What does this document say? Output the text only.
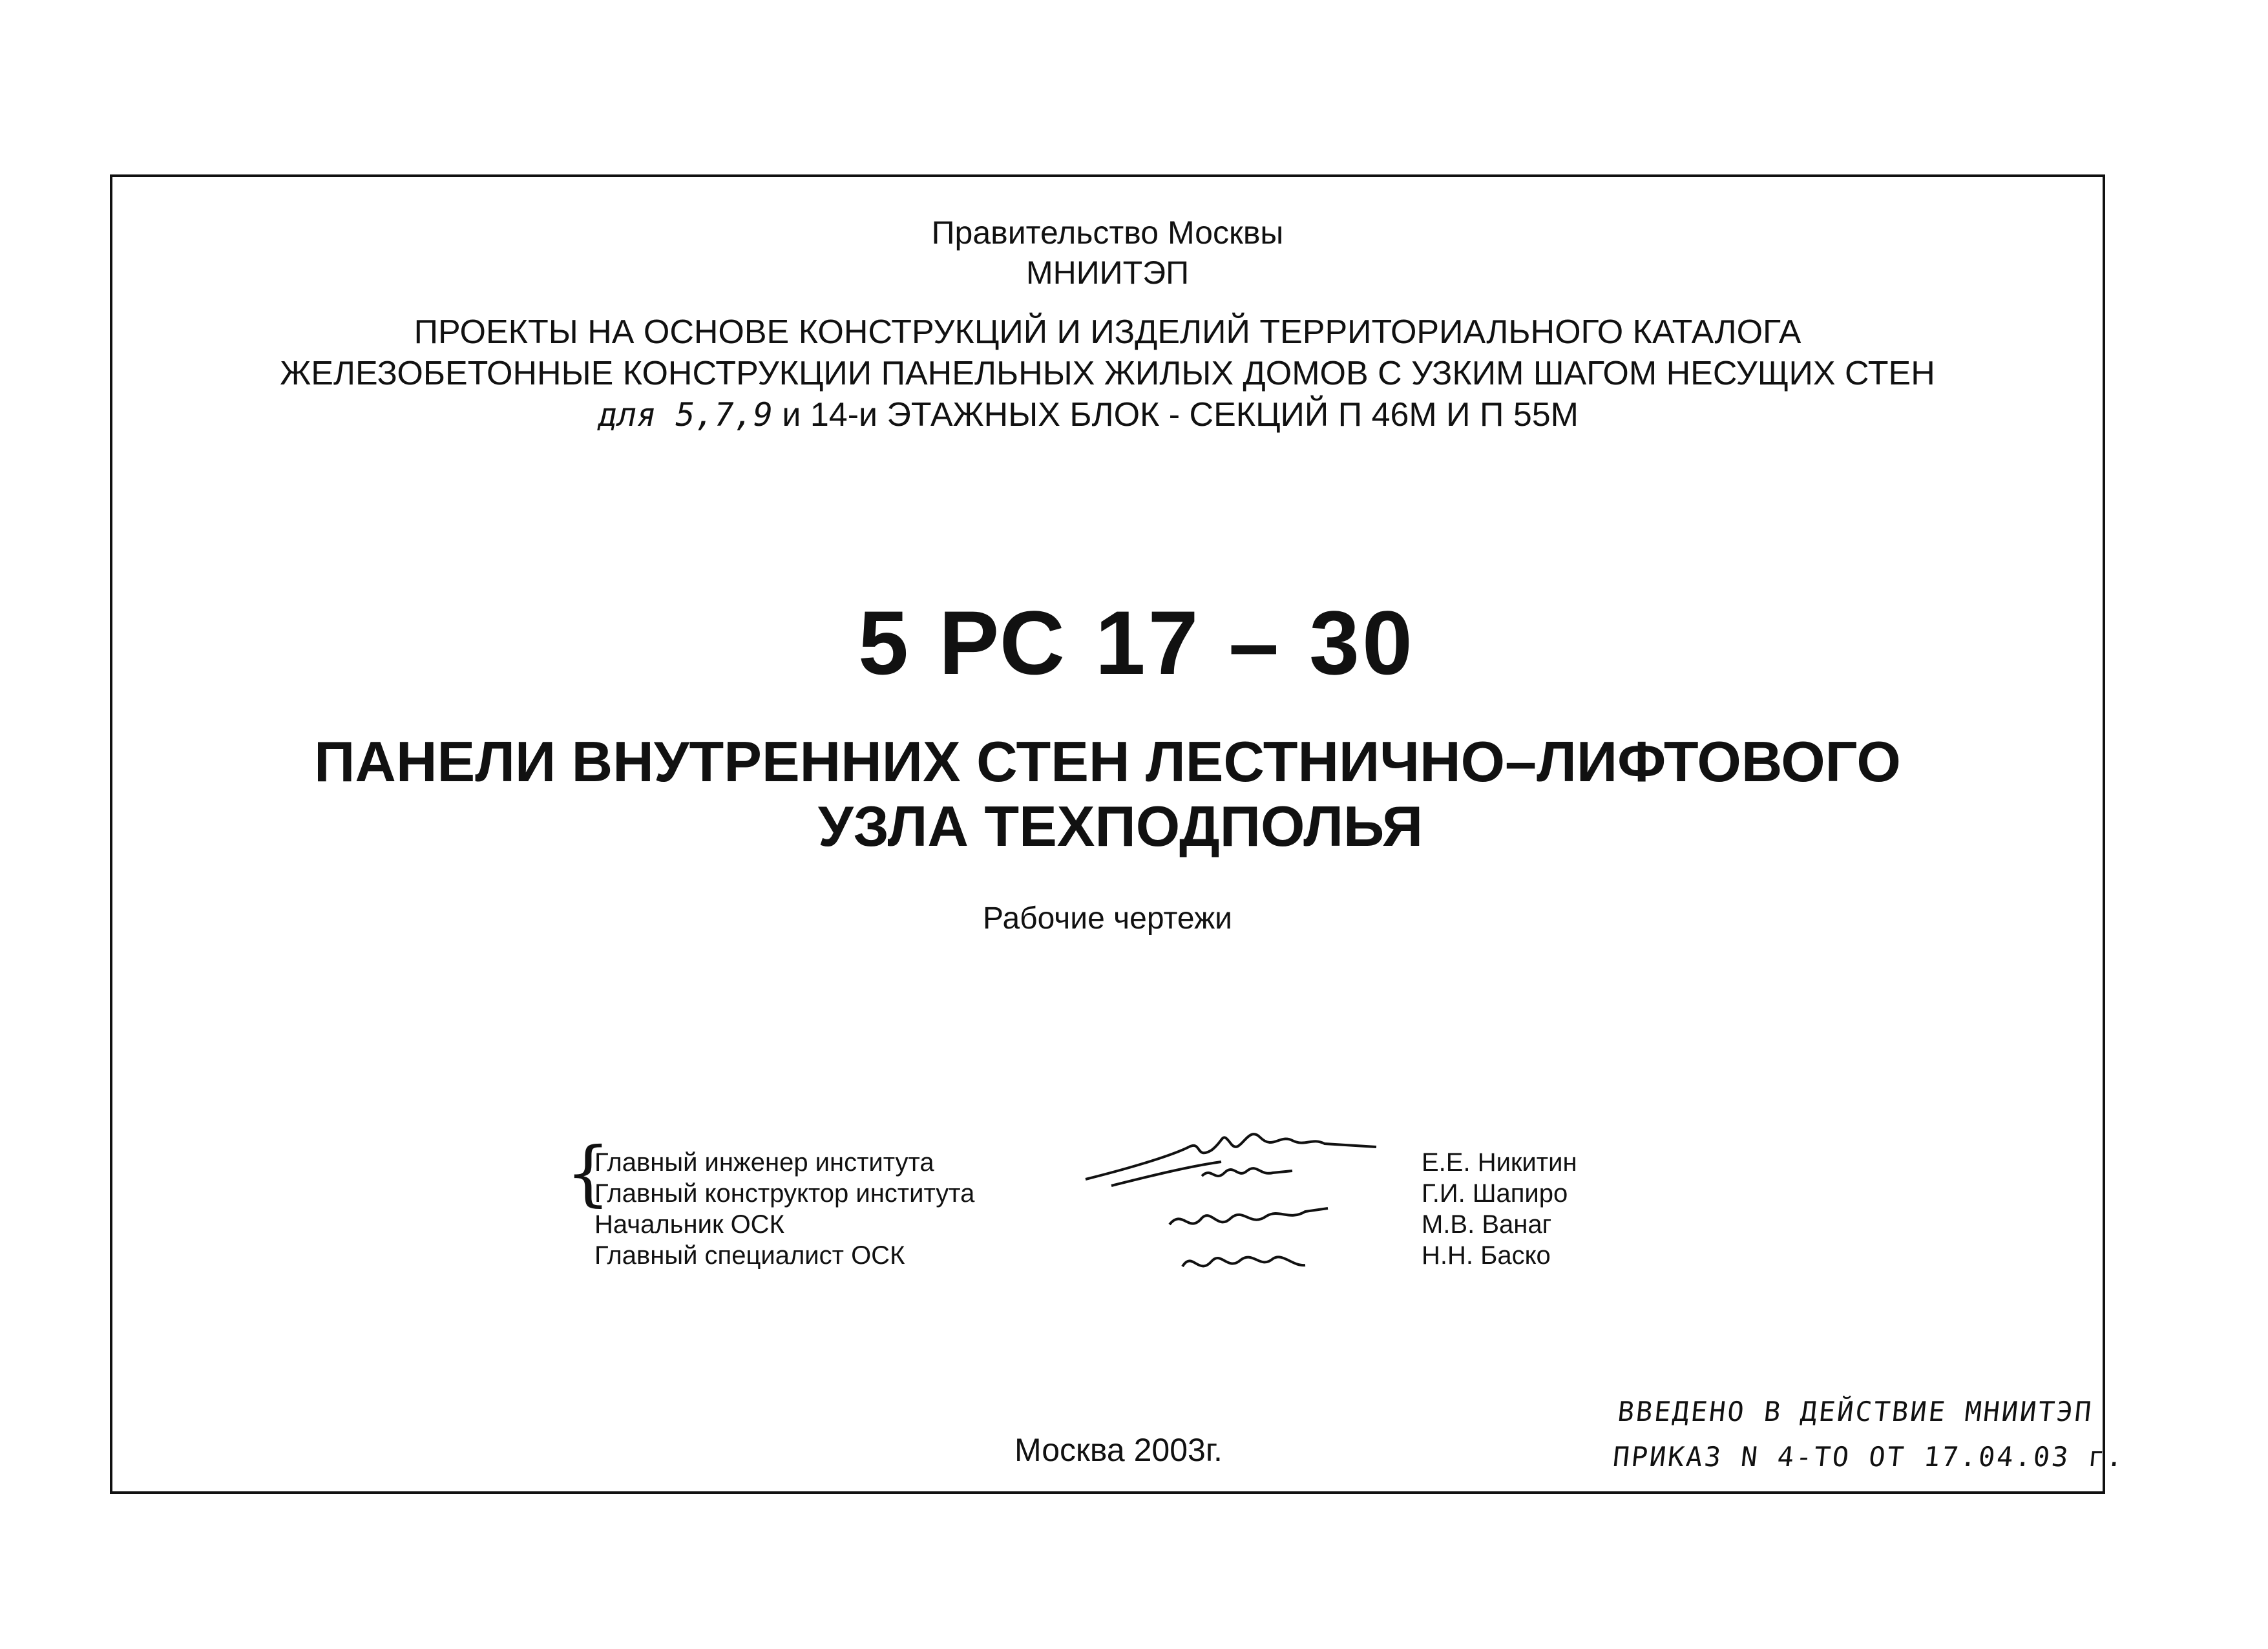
Правительство Москвы
МНИИТЭП
ПРОЕКТЫ НА ОСНОВЕ КОНСТРУКЦИЙ И ИЗДЕЛИЙ ТЕРРИТОРИАЛЬНОГО КАТАЛОГА
ЖЕЛЕЗОБЕТОННЫЕ КОНСТРУКЦИИ ПАНЕЛЬНЫХ ЖИЛЫХ ДОМОВ С УЗКИМ ШАГОМ НЕСУЩИХ СТЕН
для 5,7,9 и 14-и ЭТАЖНЫХ БЛОК - СЕКЦИЙ П 46М И П 55М
5 РС 17 – 30
ПАНЕЛИ ВНУТРЕННИХ СТЕН ЛЕСТНИЧНО–ЛИФТОВОГО
УЗЛА ТЕХПОДПОЛЬЯ
Рабочие чертежи
{
Главный инженер института
Главный конструктор института
Начальник ОСК
Главный специалист ОСК
Е.Е. Никитин
Г.И. Шапиро
М.В. Ванаг
Н.Н. Баско
Москва 2003г.
ВВЕДЕНО В ДЕЙСТВИЕ МНИИТЭП
ПРИКАЗ N 4-ТО ОТ 17.04.03 г.
